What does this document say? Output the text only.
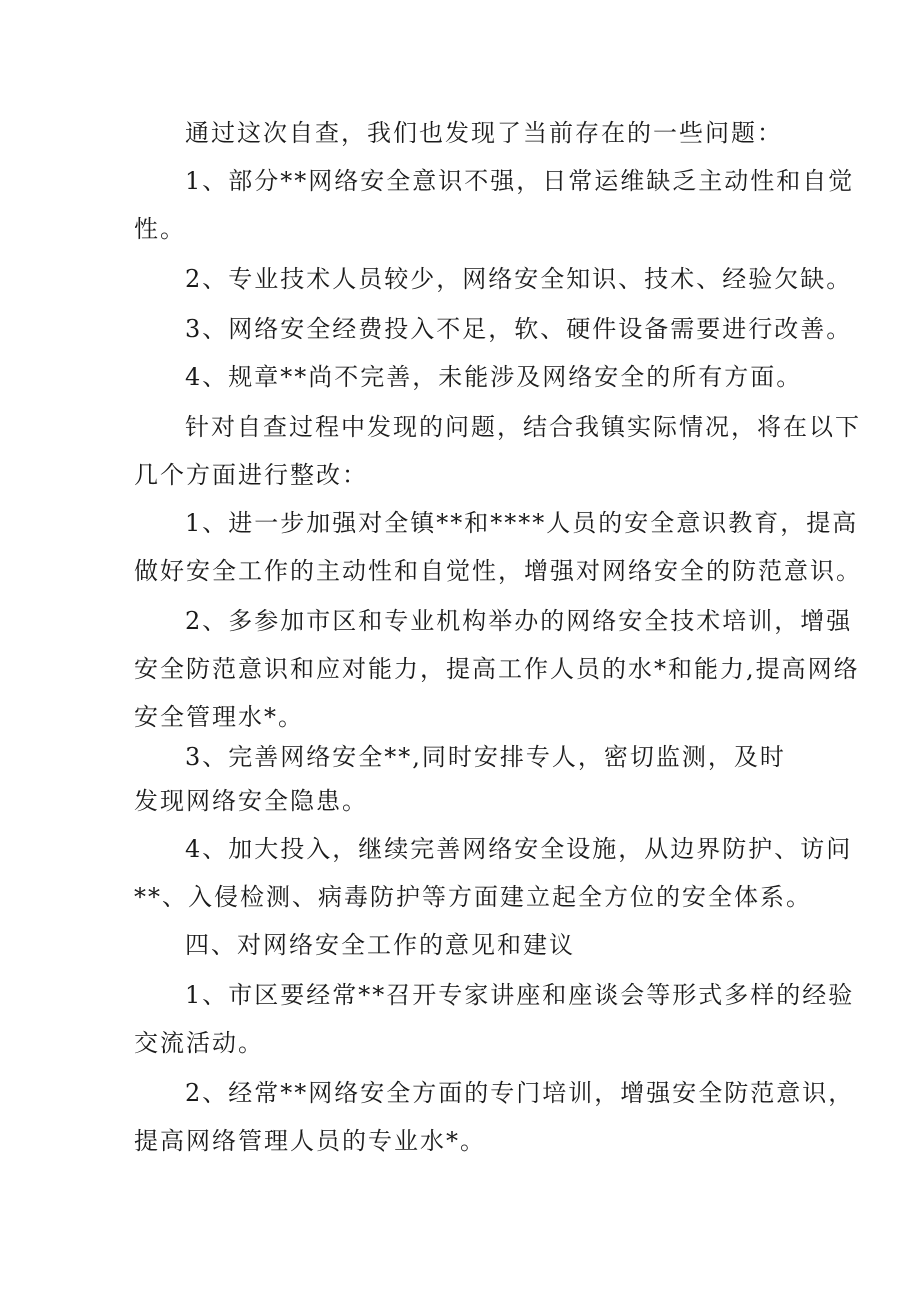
通过这次自查，我们也发现了当前存在的一些问题：
1、部分**网络安全意识不强，日常运维缺乏主动性和自觉
性。
2、专业技术人员较少，网络安全知识、技术、经验欠缺。
3、网络安全经费投入不足，软、硬件设备需要进行改善。
4、规章**尚不完善，未能涉及网络安全的所有方面。
针对自查过程中发现的问题，结合我镇实际情况，将在以下
几个方面进行整改：
1、进一步加强对全镇**和****人员的安全意识教育，提高
做好安全工作的主动性和自觉性，增强对网络安全的防范意识。
2、多参加市区和专业机构举办的网络安全技术培训，增强
安全防范意识和应对能力，提高工作人员的水*和能力,提高网络
安全管理水*。
3、完善网络安全**,同时安排专人，密切监测，及时
发现网络安全隐患。
4、加大投入，继续完善网络安全设施，从边界防护、访问
**、入侵检测、病毒防护等方面建立起全方位的安全体系。
四、对网络安全工作的意见和建议
1、市区要经常**召开专家讲座和座谈会等形式多样的经验
交流活动。
2、经常**网络安全方面的专门培训，增强安全防范意识，
提高网络管理人员的专业水*。
